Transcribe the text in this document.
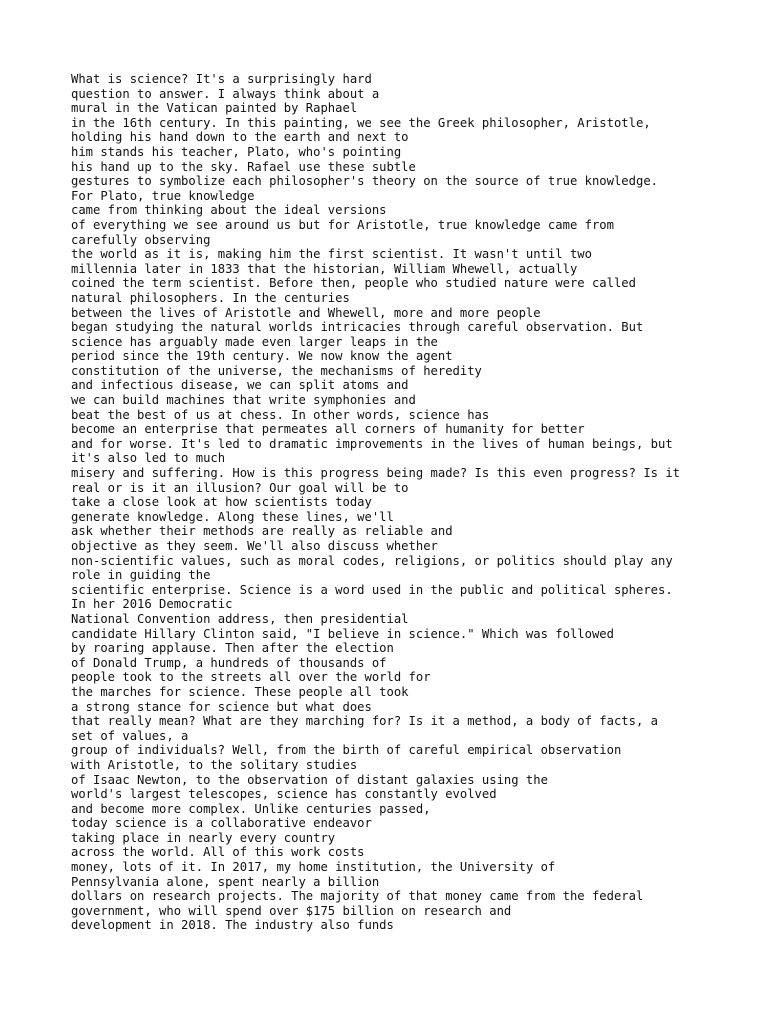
What is science? It's a surprisingly hard
question to answer. I always think about a
mural in the Vatican painted by Raphael
in the 16th century. In this painting, we see the Greek philosopher, Aristotle,
holding his hand down to the earth and next to
him stands his teacher, Plato, who's pointing
his hand up to the sky. Rafael use these subtle
gestures to symbolize each philosopher's theory on the source of true knowledge.
For Plato, true knowledge
came from thinking about the ideal versions
of everything we see around us but for Aristotle, true knowledge came from
carefully observing
the world as it is, making him the first scientist. It wasn't until two
millennia later in 1833 that the historian, William Whewell, actually
coined the term scientist. Before then, people who studied nature were called
natural philosophers. In the centuries
between the lives of Aristotle and Whewell, more and more people
began studying the natural worlds intricacies through careful observation. But
science has arguably made even larger leaps in the
period since the 19th century. We now know the agent
constitution of the universe, the mechanisms of heredity
and infectious disease, we can split atoms and
we can build machines that write symphonies and
beat the best of us at chess. In other words, science has
become an enterprise that permeates all corners of humanity for better
and for worse. It's led to dramatic improvements in the lives of human beings, but
it's also led to much
misery and suffering. How is this progress being made? Is this even progress? Is it
real or is it an illusion? Our goal will be to
take a close look at how scientists today
generate knowledge. Along these lines, we'll
ask whether their methods are really as reliable and
objective as they seem. We'll also discuss whether
non-scientific values, such as moral codes, religions, or politics should play any
role in guiding the
scientific enterprise. Science is a word used in the public and political spheres.
In her 2016 Democratic
National Convention address, then presidential
candidate Hillary Clinton said, "I believe in science." Which was followed
by roaring applause. Then after the election
of Donald Trump, a hundreds of thousands of
people took to the streets all over the world for
the marches for science. These people all took
a strong stance for science but what does
that really mean? What are they marching for? Is it a method, a body of facts, a
set of values, a
group of individuals? Well, from the birth of careful empirical observation
with Aristotle, to the solitary studies
of Isaac Newton, to the observation of distant galaxies using the
world's largest telescopes, science has constantly evolved
and become more complex. Unlike centuries passed,
today science is a collaborative endeavor
taking place in nearly every country
across the world. All of this work costs
money, lots of it. In 2017, my home institution, the University of
Pennsylvania alone, spent nearly a billion
dollars on research projects. The majority of that money came from the federal
government, who will spend over $175 billion on research and
development in 2018. The industry also funds
